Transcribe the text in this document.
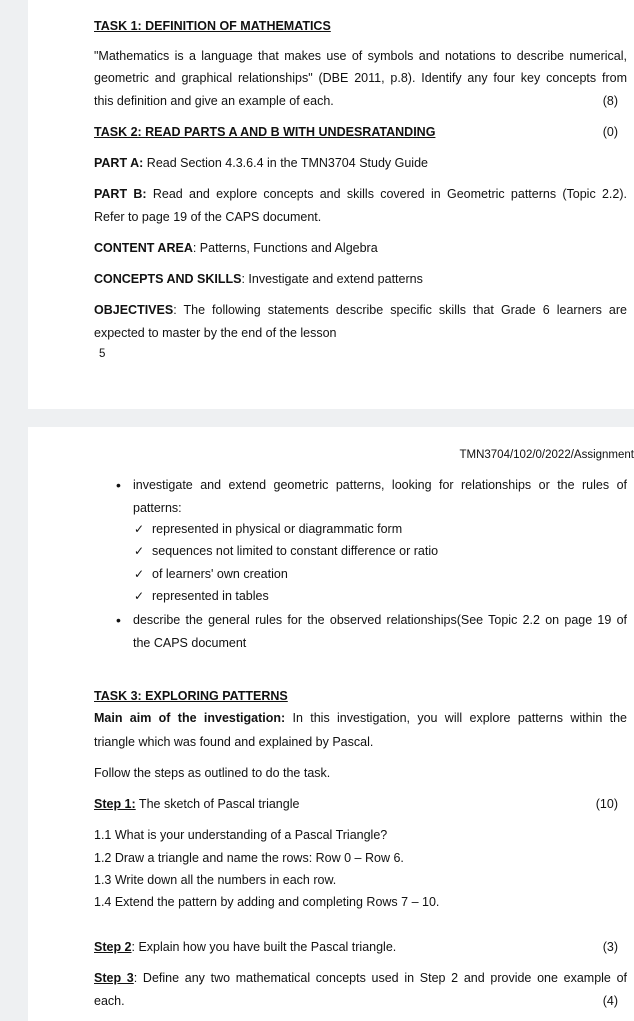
TASK 1: DEFINITION OF MATHEMATICS
"Mathematics is a language that makes use of symbols and notations to describe numerical,
geometric and graphical relationships" (DBE 2011, p.8). Identify any four key concepts from
this definition and give an example of each.	(8)
TASK 2: READ PARTS A AND B WITH UNDESRATANDING	(0)
PART A: Read Section 4.3.6.4 in the TMN3704 Study Guide
PART B: Read and explore concepts and skills covered in Geometric patterns (Topic 2.2).
Refer to page 19 of the CAPS document.
CONTENT AREA: Patterns, Functions and Algebra
CONCEPTS AND SKILLS: Investigate and extend patterns
OBJECTIVES: The following statements describe specific skills that Grade 6 learners are
expected to master by the end of the lesson
5
TMN3704/102/0/2022/Assignment
• investigate and extend geometric patterns, looking for relationships or the rules of
patterns:
✓ represented in physical or diagrammatic form
✓ sequences not limited to constant difference or ratio
✓ of learners' own creation
✓ represented in tables
• describe the general rules for the observed relationships(See Topic 2.2 on page 19 of
the CAPS document
TASK 3: EXPLORING PATTERNS
Main aim of the investigation: In this investigation, you will explore patterns within the
triangle which was found and explained by Pascal.
Follow the steps as outlined to do the task.
Step 1: The sketch of Pascal triangle	(10)
1.1 What is your understanding of a Pascal Triangle?
1.2 Draw a triangle and name the rows: Row 0 – Row 6.
1.3 Write down all the numbers in each row.
1.4 Extend the pattern by adding and completing Rows 7 – 10.
Step 2: Explain how you have built the Pascal triangle.	(3)
Step 3: Define any two mathematical concepts used in Step 2 and provide one example of
each.	(4)
